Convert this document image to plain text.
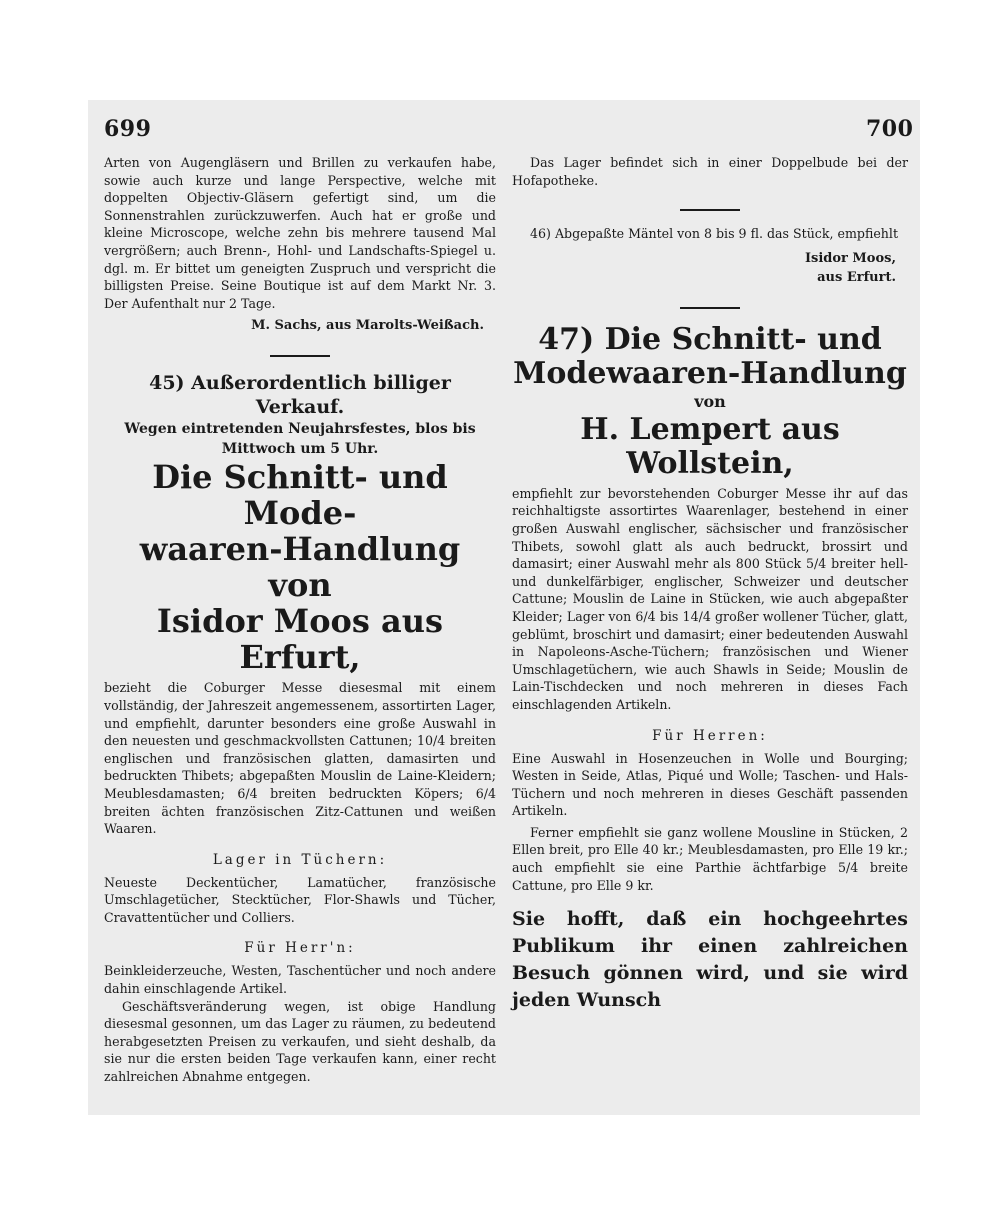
699	700

Arten von Augengläsern und Brillen zu verkaufen habe, sowie auch kurze und lange Perspective, welche mit doppelten Objectiv-Gläsern gefertigt sind, um die Sonnenstrahlen zurückzuwerfen. Auch hat er große und kleine Microscope, welche zehn bis mehrere tausend Mal vergrößern; auch Brenn-, Hohl- und Landschafts-Spiegel u. dgl. m. Er bittet um geneigten Zuspruch und verspricht die billigsten Preise. Seine Boutique ist auf dem Markt Nr. 3. Der Aufenthalt nur 2 Tage.

M. Sachs, aus Marolts-Weißach.

45) Außerordentlich billiger Verkauf.

Wegen eintretenden Neujahrsfestes, blos bis Mittwoch um 5 Uhr.

Die Schnitt- und Mode-

waaren-Handlung von

Isidor Moos aus Erfurt,

bezieht die Coburger Messe diesesmal mit einem vollständig, der Jahreszeit angemessenem, assortirten Lager, und empfiehlt, darunter besonders eine große Auswahl in den neuesten und geschmackvollsten Cattunen; 10/4 breiten englischen und französischen glatten, damasirten und bedruckten Thibets; abgepaßten Mouslin de Laine-Kleidern; Meublesdamasten; 6/4 breiten bedruckten Köpers; 6/4 breiten ächten französischen Zitz-Cattunen und weißen Waaren.

Lager in Tüchern:

Neueste Deckentücher, Lamatücher, französische Umschlagetücher, Stecktücher, Flor-Shawls und Tücher, Cravattentücher und Colliers.

Für Herr'n:

Beinkleiderzeuche, Westen, Taschentücher und noch andere dahin einschlagende Artikel.

Geschäftsveränderung wegen, ist obige Handlung diesesmal gesonnen, um das Lager zu räumen, zu bedeutend herabgesetzten Preisen zu verkaufen, und sieht deshalb, da sie nur die ersten beiden Tage verkaufen kann, einer recht zahlreichen Abnahme entgegen.

Das Lager befindet sich in einer Doppelbude bei der Hofapotheke.

46) Abgepaßte Mäntel von 8 bis 9 fl. das Stück, empfiehlt

Isidor Moos,

aus Erfurt.

47) Die Schnitt- und

Modewaaren-Handlung

von

H. Lempert aus Wollstein,

empfiehlt zur bevorstehenden Coburger Messe ihr auf das reichhaltigste assortirtes Waarenlager, bestehend in einer großen Auswahl englischer, sächsischer und französischer Thibets, sowohl glatt als auch bedruckt, brossirt und damasirt; einer Auswahl mehr als 800 Stück 5/4 breiter hell- und dunkelfärbiger, englischer, Schweizer und deutscher Cattune; Mouslin de Laine in Stücken, wie auch abgepaßter Kleider; Lager von 6/4 bis 14/4 großer wollener Tücher, glatt, geblümt, broschirt und damasirt; einer bedeutenden Auswahl in Napoleons-Asche-Tüchern; französischen und Wiener Umschlagetüchern, wie auch Shawls in Seide; Mouslin de Lain-Tischdecken und noch mehreren in dieses Fach einschlagenden Artikeln.

Für Herren:

Eine Auswahl in Hosenzeuchen in Wolle und Bourging; Westen in Seide, Atlas, Piqué und Wolle; Taschen- und Hals-Tüchern und noch mehreren in dieses Geschäft passenden Artikeln.

Ferner empfiehlt sie ganz wollene Mousline in Stücken, 2 Ellen breit, pro Elle 40 kr.; Meublesdamasten, pro Elle 19 kr.; auch empfiehlt sie eine Parthie ächtfarbige 5/4 breite Cattune, pro Elle 9 kr.

Sie hofft, daß ein hochgeehrtes Publikum ihr einen zahlreichen Besuch gönnen wird, und sie wird jeden Wunsch
